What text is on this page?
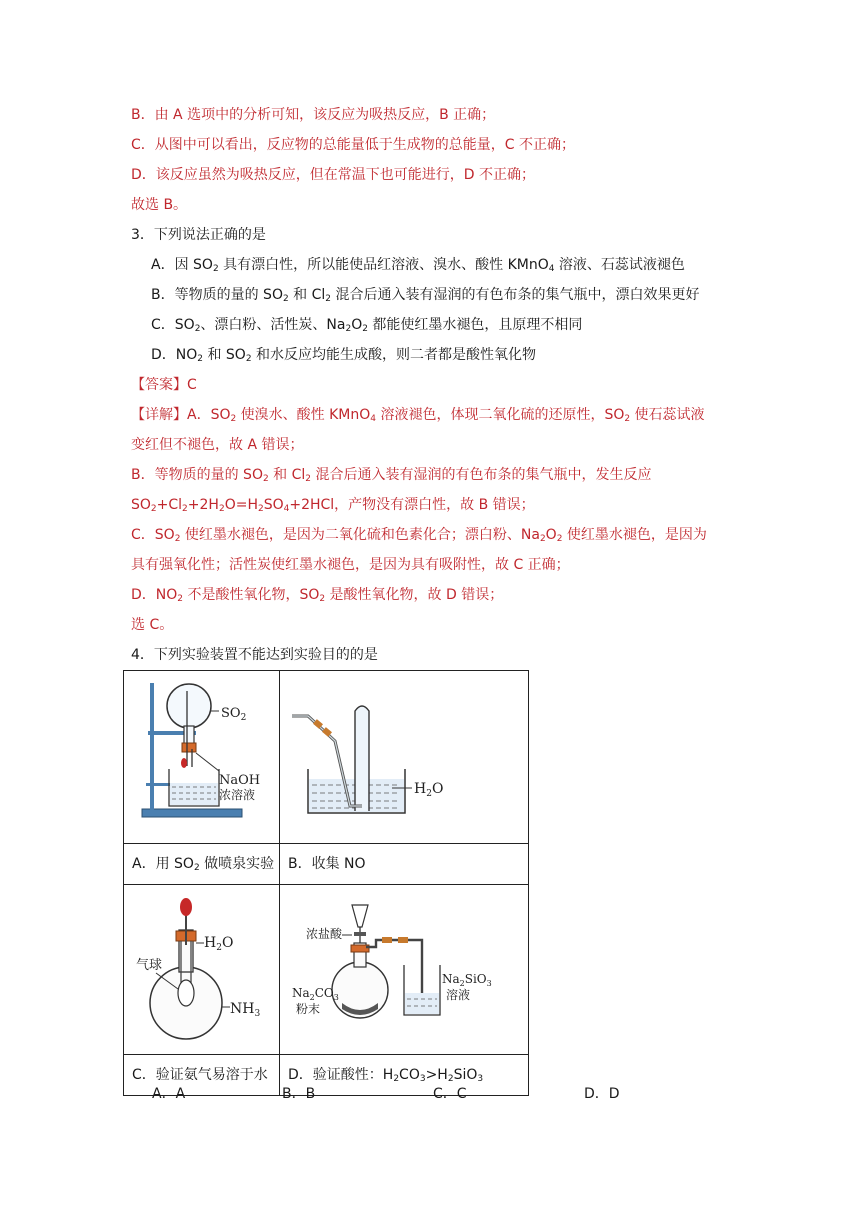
B．由 A 选项中的分析可知，该反应为吸热反应，B 正确；
C．从图中可以看出，反应物的总能量低于生成物的总能量，C 不正确；
D．该反应虽然为吸热反应，但在常温下也可能进行，D 不正确；
故选 B。
3．下列说法正确的是
A．因 $SO_2$ 具有漂白性，所以能使品红溶液、溴水、酸性 KMnO$_4$ 溶液、石蕊试液褪色
B．等物质的量的 $SO_2$ 和 $Cl_2$ 混合后通入装有湿润的有色布条的集气瓶中，漂白效果更好
C．$SO_2$、漂白粉、活性炭、$Na_2O_2$ 都能使红墨水褪色，且原理不相同
D．$NO_2$ 和 $SO_2$ 和水反应均能生成酸，则二者都是酸性氧化物
【答案】C
【详解】A．$SO_2$ 使溴水、酸性 KMnO$_4$ 溶液褪色，体现二氧化硫的还原性，$SO_2$ 使石蕊试液
变红但不褪色，故 A 错误；
B．等物质的量的 $SO_2$ 和 $Cl_2$ 混合后通入装有湿润的有色布条的集气瓶中，发生反应
$SO_2+Cl_2+2H_2O=H_2SO_4+2HCl$，产物没有漂白性，故 B 错误；
C．$SO_2$ 使红墨水褪色，是因为二氧化硫和色素化合；漂白粉、$Na_2O_2$ 使红墨水褪色，是因为
具有强氧化性；活性炭使红墨水褪色，是因为具有吸附性，故 C 正确；
D．$NO_2$ 不是酸性氧化物，$SO_2$ 是酸性氧化物，故 D 错误；
选 C。
4．下列实验装置不能达到实验目的的是
$SO_2$
NaOH
浓溶液	$H_2O$

A．用 $SO_2$ 做喷泉实验	B．收集 NO

$H_2O$
气球
$NH_3$	浓盐酸
$Na_2CO_3$
粉末
$Na_2SiO_3$
溶液

C．验证氨气易溶于水	D．验证酸性：$H_2CO_3>H_2SiO_3$
A．A	B．B	C．C	D．D
